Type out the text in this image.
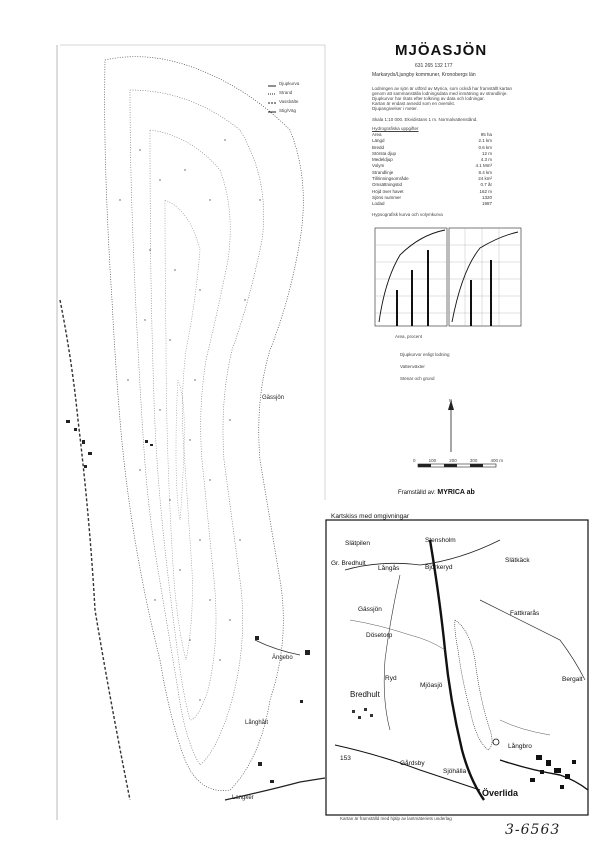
MJÖASJÖN
631 265 132 177
Markaryds/Ljungby kommuner, Kronobergs län
Lodningen av sjön är utförd av Myrica, som också har framställt kartan
genom att sammanställa lodningsdata med inmätning av strandlinje.
Djupkurvor har ritats efter tolkning av data och lodningar.
Kartan är endast avsedd som en översikt.
Djupangivelser i meter.
Skala 1:10 000. Ekvidistans 1 m. Normalvattenstånd.
Djupkurva
Strand
Vassbälte
Stig/Väg
Hydrografiska uppgifter
Area	95 ha
Längd	2.1 km
Bredd	0.6 km
Största djup	12 m
Medeldjup	4.3 m
Volym	4.1 Mm³
Strandlinje	8.4 km
Tillrinningsområde	24 km²
Omsättningstid	0.7 år
Höjd över havet	162 m
Sjöns nummer	1320
Lodad	1987
Hypsografisk kurva och volymkurva
Area, procent
Djupkurvor enligt lodning
Vattenväxter
Stenar och grund
N
0	100	200	300	400 m
Framställd av: MYRICA ab
Gässjön
Ängebo
Långhålt
Langker
Kartskiss med omgivningar
Slätpilen
Gr. Bredhult
Långås	Björkeryd
Stensholm
Slätkäck
Gässjön
Fattkrarås
Dösetorp
Ryd
Mjöasjö
Bredhult
Bergalt
Långbro
Överlida
Sjöhälla
Gårdsby
153
Kartan är framställd med hjälp av lantmäteriets underlag
3-6563
